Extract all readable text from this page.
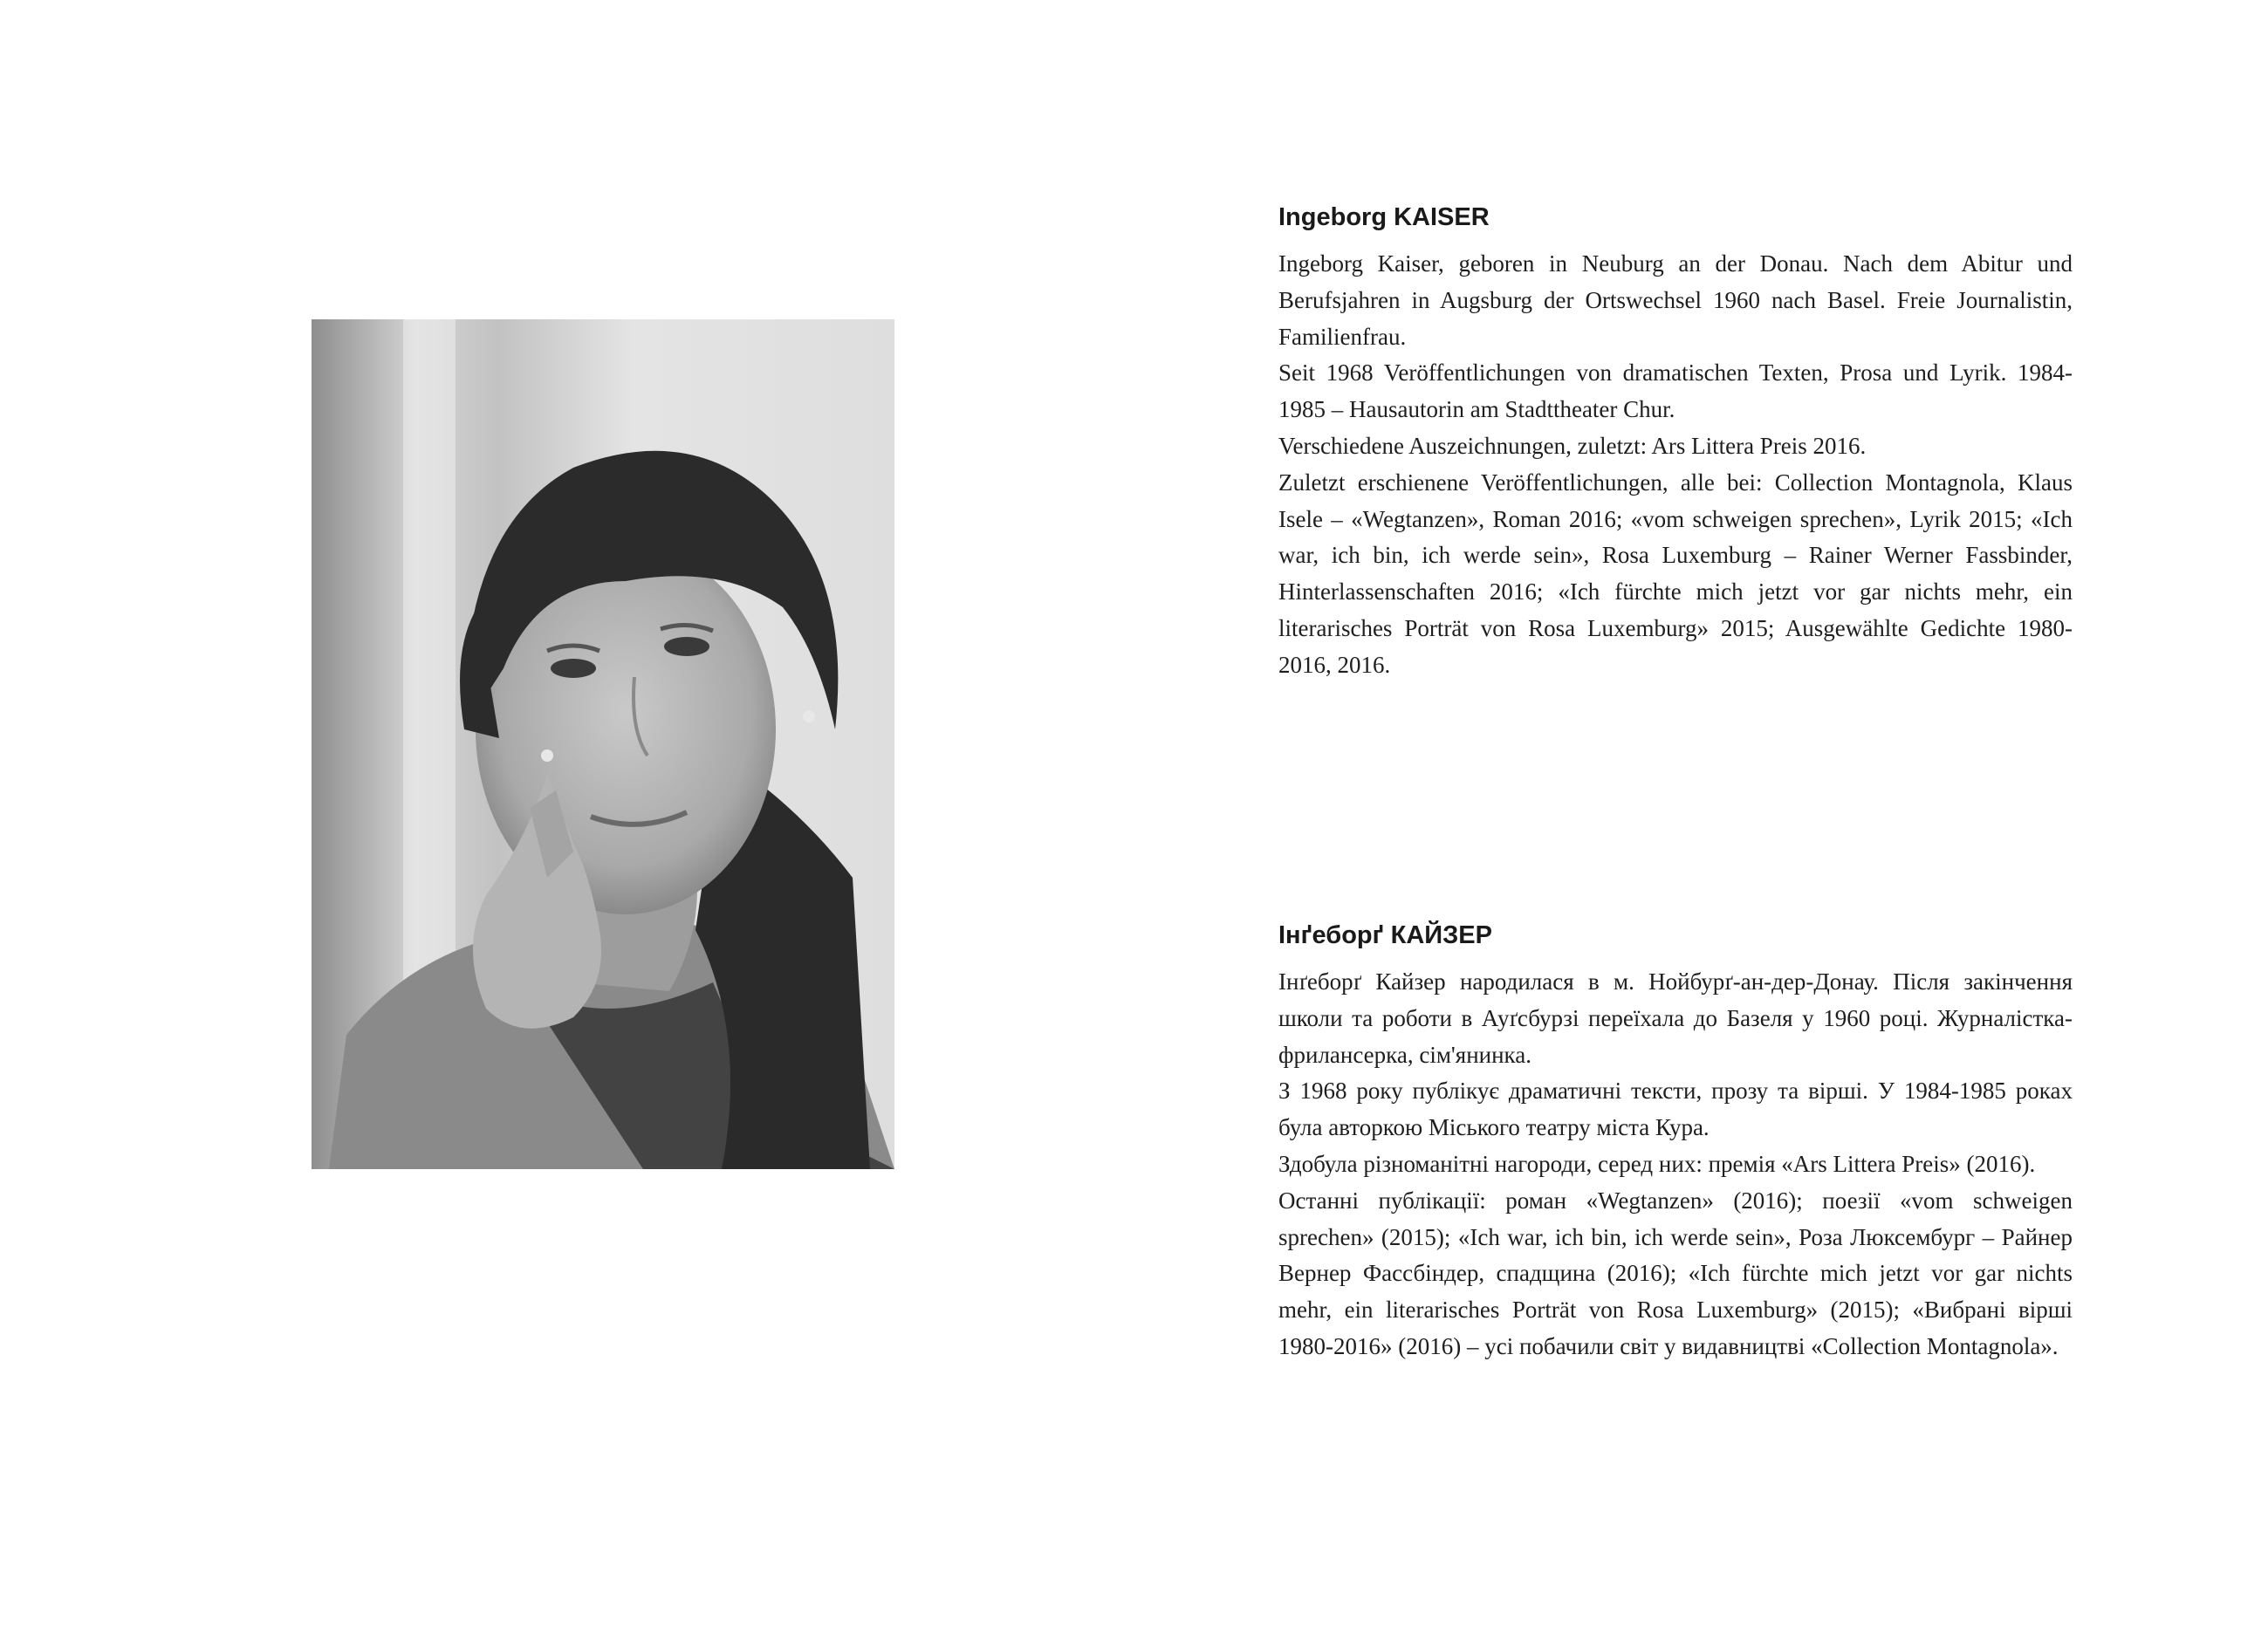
Ingeborg KAISER

Ingeborg Kaiser, geboren in Neuburg an der Donau. Nach dem Abitur und Berufsjahren in Augsburg der Ortswechsel 1960 nach Basel. Freie Journalistin, Familienfrau.

Seit 1968 Veröffentlichungen von dramatischen Texten, Prosa und Lyrik. 1984-1985 – Hausautorin am Stadttheater Chur.

Verschiedene Auszeichnungen, zuletzt: Ars Littera Preis 2016.

Zuletzt erschienene Veröffentlichungen, alle bei: Collection Montagnola, Klaus Isele – «Wegtanzen», Roman 2016; «vom schweigen sprechen», Lyrik 2015; «Ich war, ich bin, ich werde sein», Rosa Luxemburg – Rainer Werner Fassbinder, Hinterlassenschaften 2016; «Ich fürchte mich jetzt vor gar nichts mehr, ein literarisches Porträt von Rosa Luxemburg» 2015; Ausgewählte Gedichte 1980-2016, 2016.

Інґеборґ КАЙЗЕР

Інґеборґ Кайзер народилася в м. Нойбурґ-ан-дер-Донау. Після закінчення школи та роботи в Ауґсбурзі переїхала до Базеля у 1960 році. Журналістка-фрилансерка, сім'янинка.

З 1968 року публікує драматичні тексти, прозу та вірші. У 1984-1985 роках була авторкою Міського театру міста Кура.

Здобула різноманітні нагороди, серед них: премія «Ars Littera Preis» (2016).

Останні публікації: роман «Wegtanzen» (2016); поезії «vom schweigen sprechen» (2015); «Ich war, ich bin, ich werde sein», Роза Люксембург – Райнер Вернер Фассбіндер, спадщина (2016); «Ich fürchte mich jetzt vor gar nichts mehr, ein literarisches Porträt von Rosa Luxemburg» (2015); «Вибрані вірші 1980-2016» (2016) – усі побачили світ у видавництві «Collection Montagnola».
